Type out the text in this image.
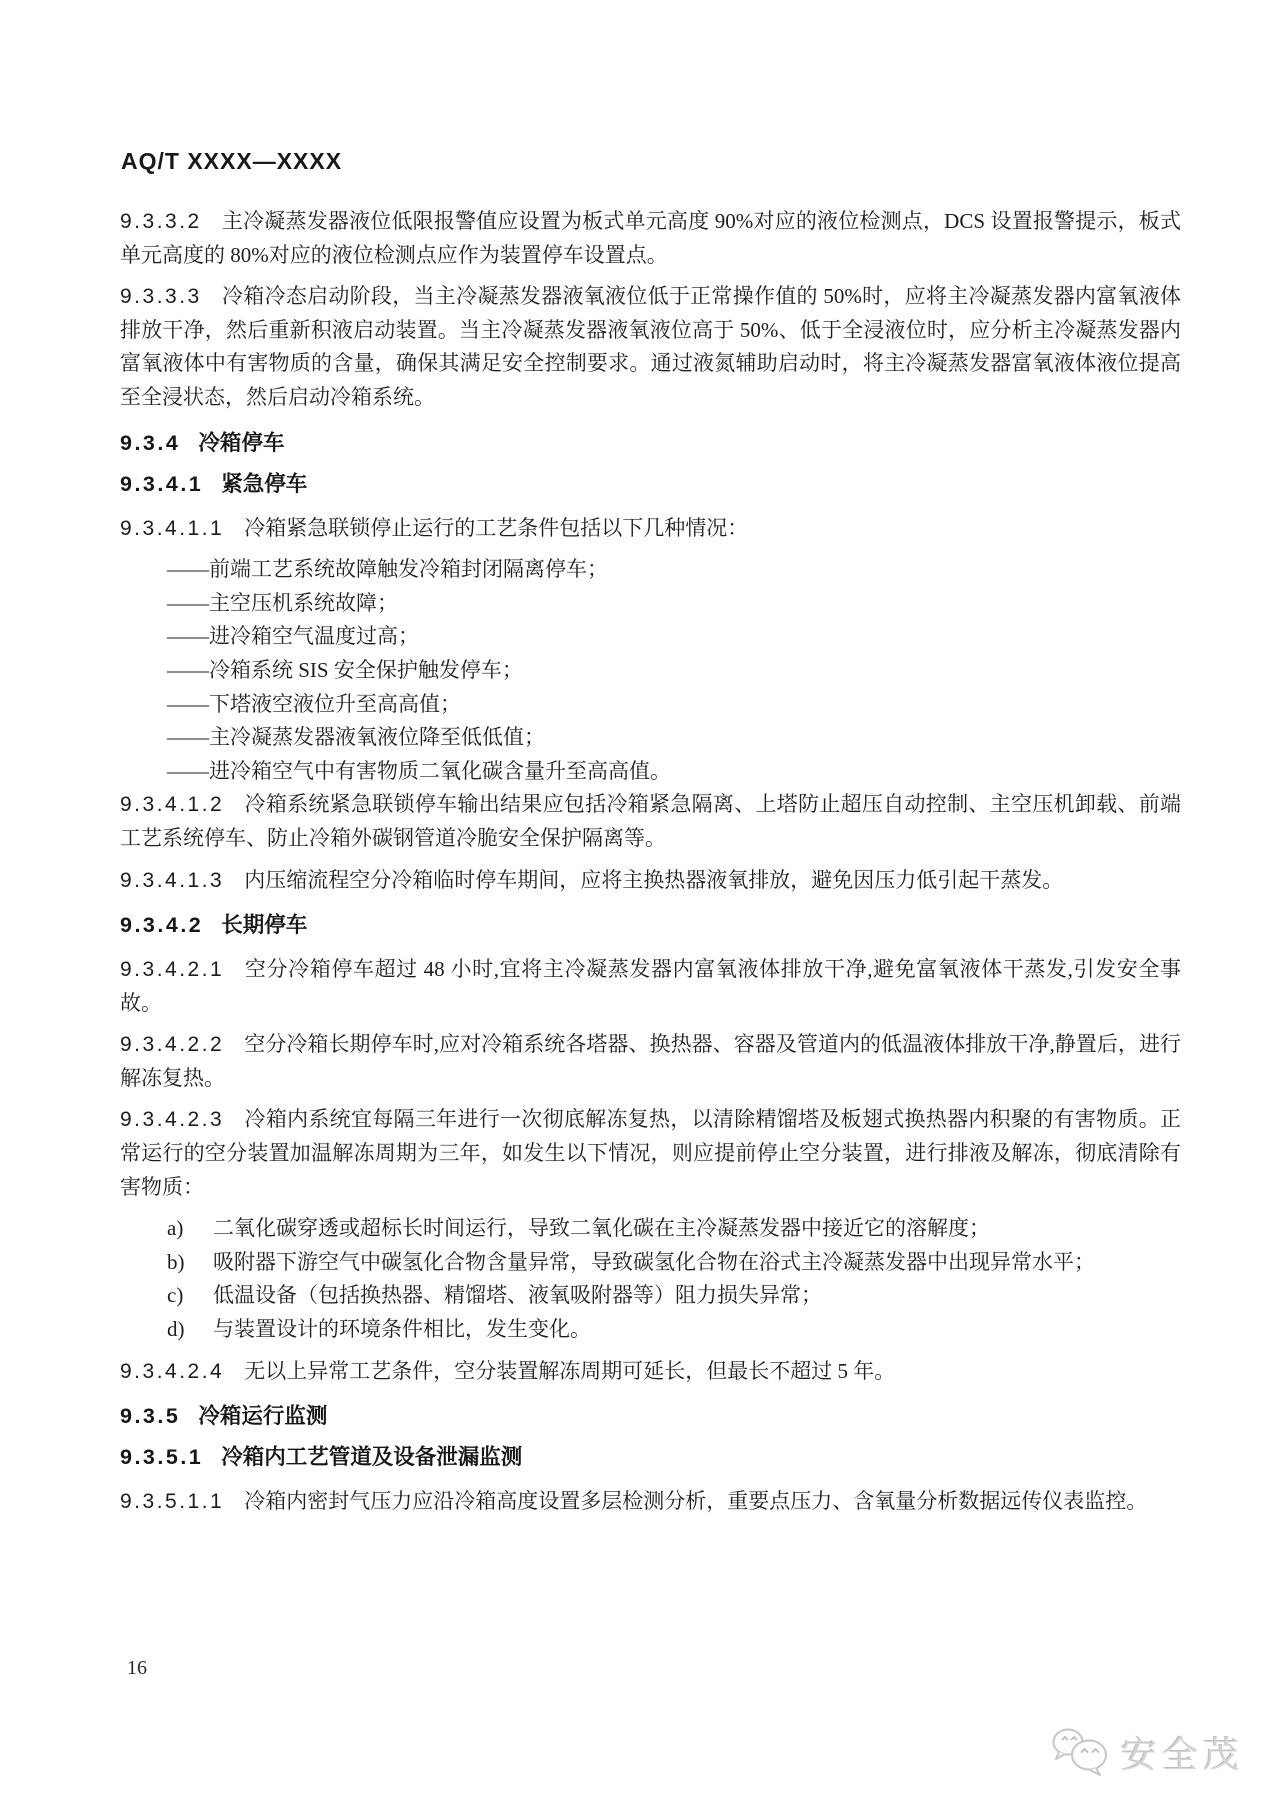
AQ/T XXXX—XXXX

9.3.3.2 主冷凝蒸发器液位低限报警值应设置为板式单元高度 90%对应的液位检测点，DCS 设置报警提示，板式单元高度的 80%对应的液位检测点应作为装置停车设置点。

9.3.3.3 冷箱冷态启动阶段，当主冷凝蒸发器液氧液位低于正常操作值的 50%时，应将主冷凝蒸发器内富氧液体排放干净，然后重新积液启动装置。当主冷凝蒸发器液氧液位高于 50%、低于全浸液位时，应分析主冷凝蒸发器内富氧液体中有害物质的含量，确保其满足安全控制要求。通过液氮辅助启动时，将主冷凝蒸发器富氧液体液位提高至全浸状态，然后启动冷箱系统。

9.3.4 冷箱停车
9.3.4.1 紧急停车

9.3.4.1.1 冷箱紧急联锁停止运行的工艺条件包括以下几种情况：

——前端工艺系统故障触发冷箱封闭隔离停车；

——主空压机系统故障；

——进冷箱空气温度过高；

——冷箱系统 SIS 安全保护触发停车；

——下塔液空液位升至高高值；

——主冷凝蒸发器液氧液位降至低低值；

——进冷箱空气中有害物质二氧化碳含量升至高高值。

9.3.4.1.2 冷箱系统紧急联锁停车输出结果应包括冷箱紧急隔离、上塔防止超压自动控制、主空压机卸载、前端工艺系统停车、防止冷箱外碳钢管道冷脆安全保护隔离等。

9.3.4.1.3 内压缩流程空分冷箱临时停车期间，应将主换热器液氧排放，避免因压力低引起干蒸发。

9.3.4.2 长期停车

9.3.4.2.1 空分冷箱停车超过 48 小时,宜将主冷凝蒸发器内富氧液体排放干净,避免富氧液体干蒸发,引发安全事故。

9.3.4.2.2 空分冷箱长期停车时,应对冷箱系统各塔器、换热器、容器及管道内的低温液体排放干净,静置后，进行解冻复热。

9.3.4.2.3 冷箱内系统宜每隔三年进行一次彻底解冻复热，以清除精馏塔及板翅式换热器内积聚的有害物质。正常运行的空分装置加温解冻周期为三年，如发生以下情况，则应提前停止空分装置，进行排液及解冻，彻底清除有害物质：

a) 二氧化碳穿透或超标长时间运行，导致二氧化碳在主冷凝蒸发器中接近它的溶解度；

b) 吸附器下游空气中碳氢化合物含量异常，导致碳氢化合物在浴式主冷凝蒸发器中出现异常水平；

c) 低温设备（包括换热器、精馏塔、液氧吸附器等）阻力损失异常；

d) 与装置设计的环境条件相比，发生变化。

9.3.4.2.4 无以上异常工艺条件，空分装置解冻周期可延长，但最长不超过 5 年。

9.3.5 冷箱运行监测
9.3.5.1 冷箱内工艺管道及设备泄漏监测

9.3.5.1.1 冷箱内密封气压力应沿冷箱高度设置多层检测分析，重要点压力、含氧量分析数据远传仪表监控。

16
安全茂
